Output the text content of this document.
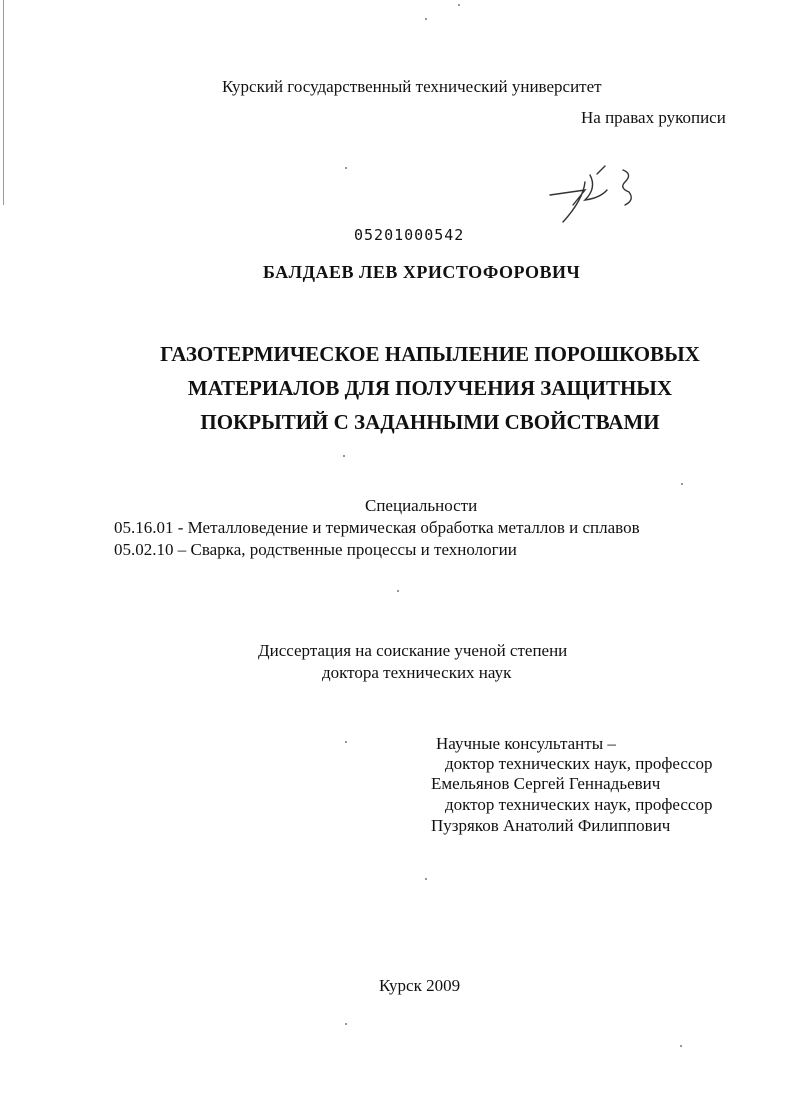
Курский государственный технический университет
На правах рукописи
05201000542
БАЛДАЕВ ЛЕВ ХРИСТОФОРОВИЧ
ГАЗОТЕРМИЧЕСКОЕ НАПЫЛЕНИЕ ПОРОШКОВЫХ
МАТЕРИАЛОВ ДЛЯ ПОЛУЧЕНИЯ ЗАЩИТНЫХ
ПОКРЫТИЙ С ЗАДАННЫМИ СВОЙСТВАМИ
Специальности
05.16.01 - Металловедение и термическая обработка металлов и сплавов
05.02.10 – Сварка, родственные процессы и технологии
Диссертация на соискание ученой степени
доктора технических наук
Научные консультанты –
доктор технических наук, профессор
Емельянов Сергей Геннадьевич
доктор технических наук, профессор
Пузряков Анатолий Филиппович
Курск 2009
